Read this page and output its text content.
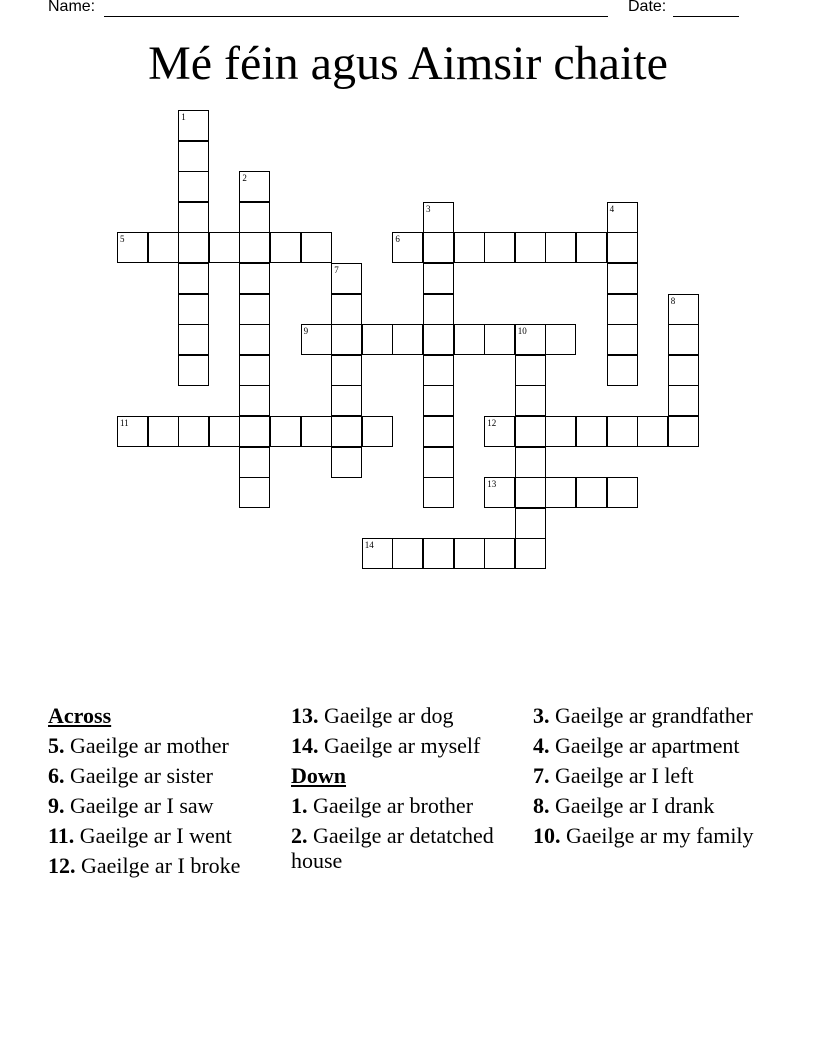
Name:	Date:
Mé féin agus Aimsir chaite
1
2
3	4
5	6
7
8
9	10
11	12
13
14
Across
5. Gaeilge ar mother
6. Gaeilge ar sister
9. Gaeilge ar I saw
11. Gaeilge ar I went
12. Gaeilge ar I broke
13. Gaeilge ar dog
14. Gaeilge ar myself
Down
1. Gaeilge ar brother
2. Gaeilge ar detatched house
3. Gaeilge ar grandfather
4. Gaeilge ar apartment
7. Gaeilge ar I left
8. Gaeilge ar I drank
10. Gaeilge ar my family
